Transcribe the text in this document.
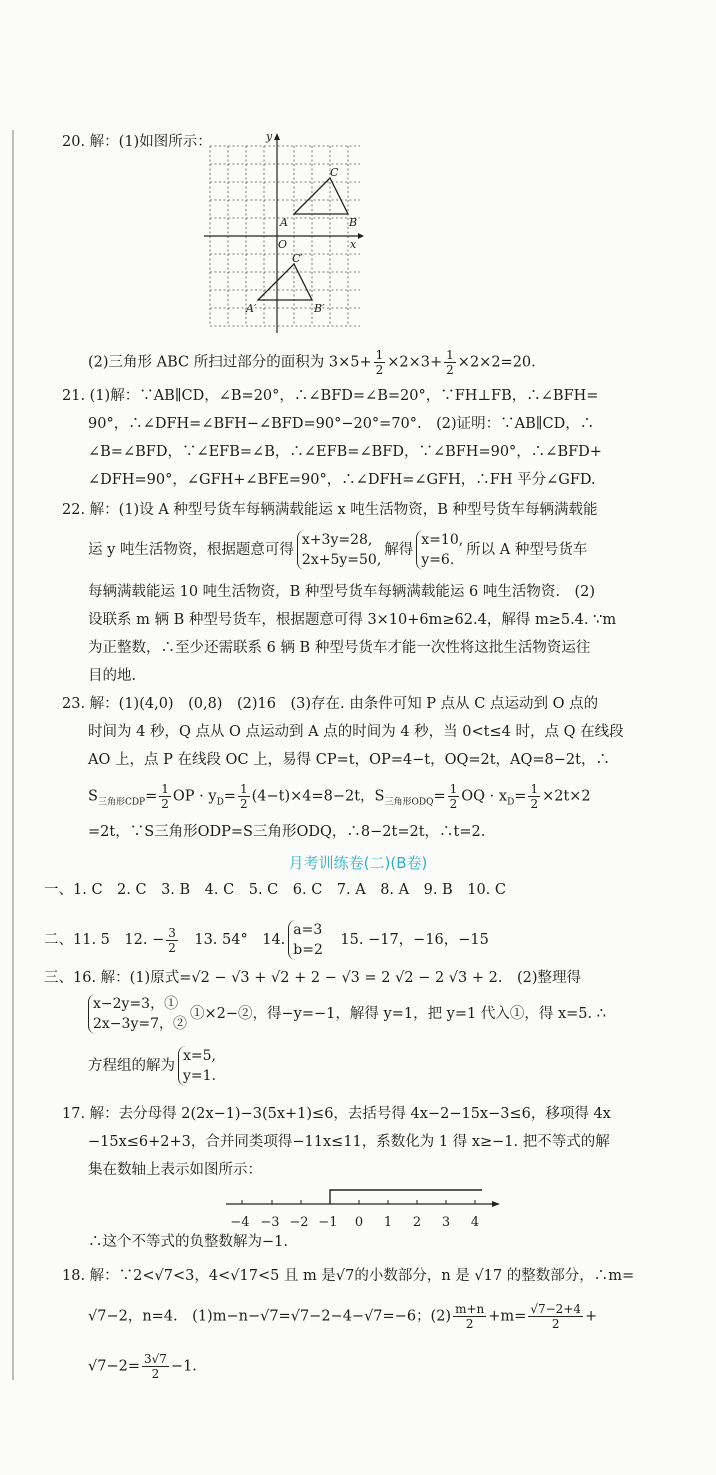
20. 解：(1)如图所示：	y
x
O
A	B
C
A′	B′
C′
(2)三角形 ABC 所扫过部分的面积为 $3\times 5+ \frac{1}{2} \times 2\times 3+ \frac{1}{2} \times 2\times 2=20$.
21. (1)解：∵AB∥CD，∠B=20°，∴∠BFD=∠B=20°，∵FH⊥FB，∴∠BFH=
90°，∴∠DFH=∠BFH−∠BFD=90°−20°=70°.　(2)证明：∵AB∥CD，∴
∠B=∠BFD，∵∠EFB=∠B，∴∠EFB=∠BFD，∵∠BFH=90°，∴∠BFD+
∠DFH=90°，∠GFH+∠BFE=90°，∴∠DFH=∠GFH，∴FH 平分∠GFD.
22. 解：(1)设 A 种型号货车每辆满载能运 x 吨生活物资，B 种型号货车每辆满载能
运 y 吨生活物资，根据题意可得
x+3y=28,
2x+5y=50,
解得
x=10,
y=6.
所以 A 种型号货车
每辆满载能运 10 吨生活物资，B 种型号货车每辆满载能运 6 吨生活物资.　(2)
设联系 m 辆 B 种型号货车，根据题意可得 3×10+6m≥62.4，解得 m≥5.4. ∵m
为正整数，∴至少还需联系 6 辆 B 种型号货车才能一次性将这批生活物资运往
目的地.
23. 解：(1)(4,0)　(0,8)　(2)16　(3)存在. 由条件可知 P 点从 C 点运动到 O 点的
时间为 4 秒，Q 点从 O 点运动到 A 点的时间为 4 秒，当 0<t≤4 时，点 Q 在线段
AO 上，点 P 在线段 OC 上，易得 CP=t，OP=4−t，OQ=2t，AQ=8−2t，∴
$S_{三角形CDP}= \frac{1}{2}$ OP · $y_D= \frac{1}{2} (4-t)\times 4=8-2t$，$S_{三角形ODQ}= \frac{1}{2}$ OQ · $x_D= \frac{1}{2} \times 2t\times 2$
=2t，∵S三角形ODP=S三角形ODQ，∴8−2t=2t，∴t=2.
月考训练卷(二)(B卷)
一、1. C　2. C　3. B　4. C　5. C　6. C　7. A　8. A　9. B　10. C
二、11. 5　12. − $\frac{3}{2}$ 　13. 54°　14.
a=3
b=2
　15. −17，−16，−15
三、16. 解：(1)原式=√2 − √3 + √2 + 2 − √3 = 2 √2 − 2 √3 + 2.　(2)整理得
x−2y=3，①
2x−3y=7，②
①×2−②，得−y=−1，解得 y=1，把 y=1 代入①，得 x=5. ∴
方程组的解为
x=5,
y=1.
17. 解：去分母得 2(2x−1)−3(5x+1)≤6，去括号得 4x−2−15x−3≤6，移项得 4x
−15x≤6+2+3，合并同类项得−11x≤11，系数化为 1 得 x≥−1. 把不等式的解
集在数轴上表示如图所示：
−4 −3 −2 −1 0 1 2 3 4
∴这个不等式的负整数解为−1.
18. 解：∵2<√7<3，4<√17<5 且 m 是√7的小数部分，n 是 √17 的整数部分，∴m=
√7−2，n=4.　(1)m−n−√7=√7−2−4−√7=−6；$(2) \frac{m+n}{2} +m= \frac{√7-2+4}{2}$ +
$√7-2= \frac{3√7}{2} -1$.
